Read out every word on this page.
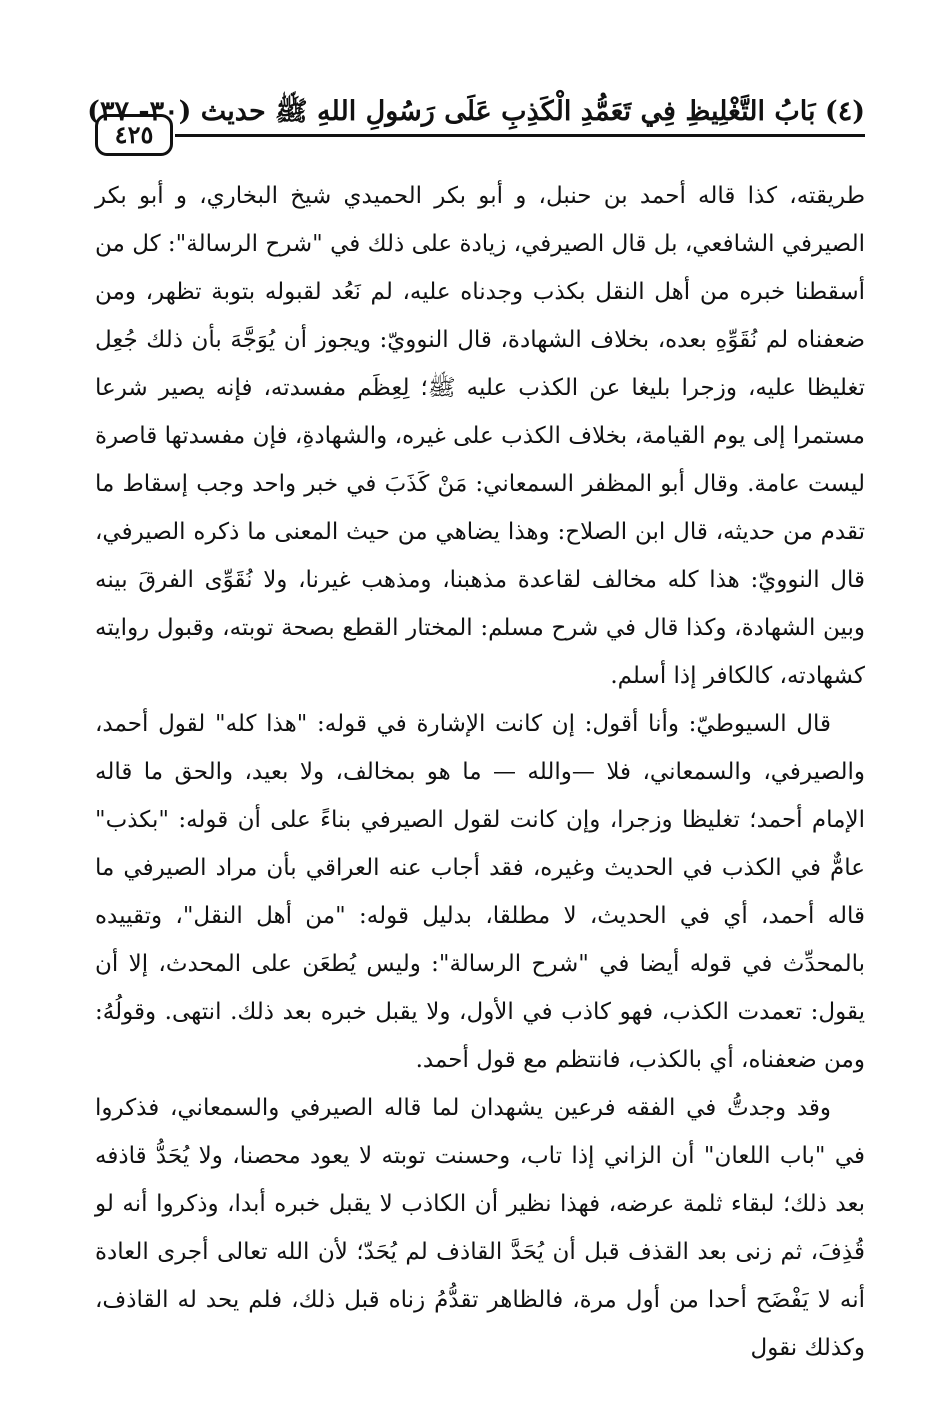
(٤) بَابُ التَّغْلِيظِ فِي تَعَمُّدِ الْكَذِبِ عَلَى رَسُولِ اللهِ ﷺ حديث (٣٠- ٣٧)
٤٢٥

طريقته، كذا قاله أحمد بن حنبل، و أبو بكر الحميدي شيخ البخاري، و أبو بكر الصيرفي الشافعي، بل قال الصيرفي، زيادة على ذلك في "شرح الرسالة": كل من أسقطنا خبره من أهل النقل بكذب وجدناه عليه، لم نَعُد لقبوله بتوبة تظهر، ومن ضعفناه لم نُقَوِّهِ بعده، بخلاف الشهادة، قال النوويّ: ويجوز أن يُوَجَّهَ بأن ذلك جُعِل تغليظا عليه، وزجرا بليغا عن الكذب عليه ﷺ؛ لِعِظَم مفسدته، فإنه يصير شرعا مستمرا إلى يوم القيامة، بخلاف الكذب على غيره، والشهادةِ، فإن مفسدتها قاصرة ليست عامة. وقال أبو المظفر السمعاني: مَنْ كَذَبَ في خبر واحد وجب إسقاط ما تقدم من حديثه، قال ابن الصلاح: وهذا يضاهي من حيث المعنى ما ذكره الصيرفي، قال النوويّ: هذا كله مخالف لقاعدة مذهبنا، ومذهب غيرنا، ولا نُقَوِّى الفرقَ بينه وبين الشهادة، وكذا قال في شرح مسلم: المختار القطع بصحة توبته، وقبول روايته كشهادته، كالكافر إذا أسلم.

قال السيوطيّ: وأنا أقول: إن كانت الإشارة في قوله: "هذا كله" لقول أحمد، والصيرفي، والسمعاني، فلا —والله — ما هو بمخالف، ولا بعيد، والحق ما قاله الإمام أحمد؛ تغليظا وزجرا، وإن كانت لقول الصيرفي بناءً على أن قوله: "بكذب" عامٌّ في الكذب في الحديث وغيره، فقد أجاب عنه العراقي بأن مراد الصيرفي ما قاله أحمد، أي في الحديث، لا مطلقا، بدليل قوله: "من أهل النقل"، وتقييده بالمحدِّث في قوله أيضا في "شرح الرسالة": وليس يُطعَن على المحدث، إلا أن يقول: تعمدت الكذب، فهو كاذب في الأول، ولا يقبل خبره بعد ذلك. انتهى. وقولُهُ: ومن ضعفناه، أي بالكذب، فانتظم مع قول أحمد.

وقد وجدتُّ في الفقه فرعين يشهدان لما قاله الصيرفي والسمعاني، فذكروا في "باب اللعان" أن الزاني إذا تاب، وحسنت توبته لا يعود محصنا، ولا يُحَدُّ قاذفه بعد ذلك؛ لبقاء ثلمة عرضه، فهذا نظير أن الكاذب لا يقبل خبره أبدا، وذكروا أنه لو قُذِفَ، ثم زنى بعد القذف قبل أن يُحَدَّ القاذف لم يُحَدّ؛ لأن الله تعالى أجرى العادة أنه لا يَفْضَح أحدا من أول مرة، فالظاهر تقدُّمُ زناه قبل ذلك، فلم يحد له القاذف، وكذلك نقول
